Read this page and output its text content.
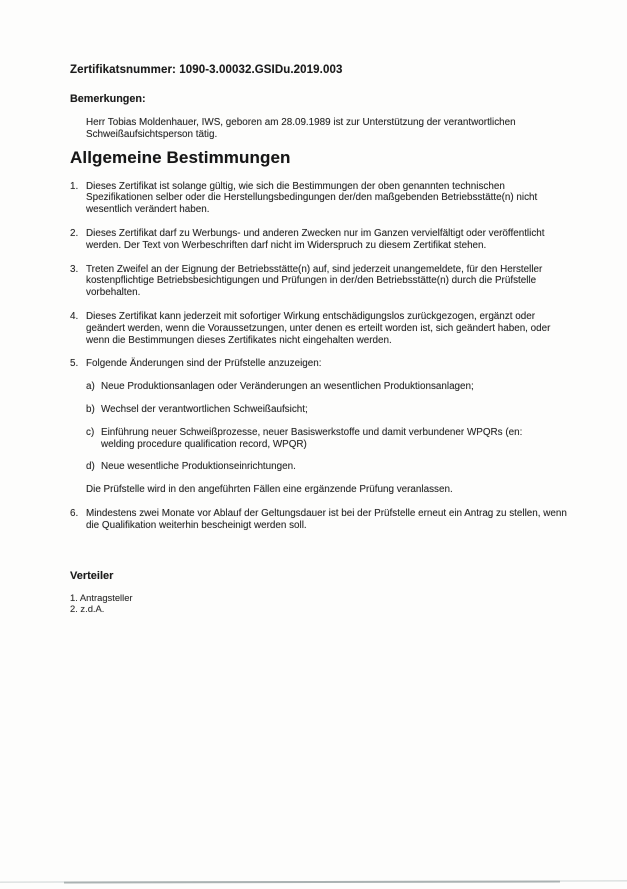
Zertifikatsnummer: 1090-3.00032.GSIDu.2019.003
Bemerkungen:
Herr Tobias Moldenhauer, IWS, geboren am 28.09.1989 ist zur Unterstützung der verantwortlichen Schweißaufsichtsperson tätig.
Allgemeine Bestimmungen
1. Dieses Zertifikat ist solange gültig, wie sich die Bestimmungen der oben genannten technischen Spezifikationen selber oder die Herstellungsbedingungen der/den maßgebenden Betriebsstätte(n) nicht wesentlich verändert haben.
2. Dieses Zertifikat darf zu Werbungs- und anderen Zwecken nur im Ganzen vervielfältigt oder veröffentlicht werden. Der Text von Werbeschriften darf nicht im Widerspruch zu diesem Zertifikat stehen.
3. Treten Zweifel an der Eignung der Betriebsstätte(n) auf, sind jederzeit unangemeldete, für den Hersteller kostenpflichtige Betriebsbesichtigungen und Prüfungen in der/den Betriebsstätte(n) durch die Prüfstelle vorbehalten.
4. Dieses Zertifikat kann jederzeit mit sofortiger Wirkung entschädigungslos zurückgezogen, ergänzt oder geändert werden, wenn die Voraussetzungen, unter denen es erteilt worden ist, sich geändert haben, oder wenn die Bestimmungen dieses Zertifikates nicht eingehalten werden.
5. Folgende Änderungen sind der Prüfstelle anzuzeigen:
a) Neue Produktionsanlagen oder Veränderungen an wesentlichen Produktionsanlagen;
b) Wechsel der verantwortlichen Schweißaufsicht;
c) Einführung neuer Schweißprozesse, neuer Basiswerkstoffe und damit verbundener WPQRs (en: welding procedure qualification record, WPQR)
d) Neue wesentliche Produktionseinrichtungen.
Die Prüfstelle wird in den angeführten Fällen eine ergänzende Prüfung veranlassen.
6. Mindestens zwei Monate vor Ablauf der Geltungsdauer ist bei der Prüfstelle erneut ein Antrag zu stellen, wenn die Qualifikation weiterhin bescheinigt werden soll.
Verteiler
1. Antragsteller
2. z.d.A.
